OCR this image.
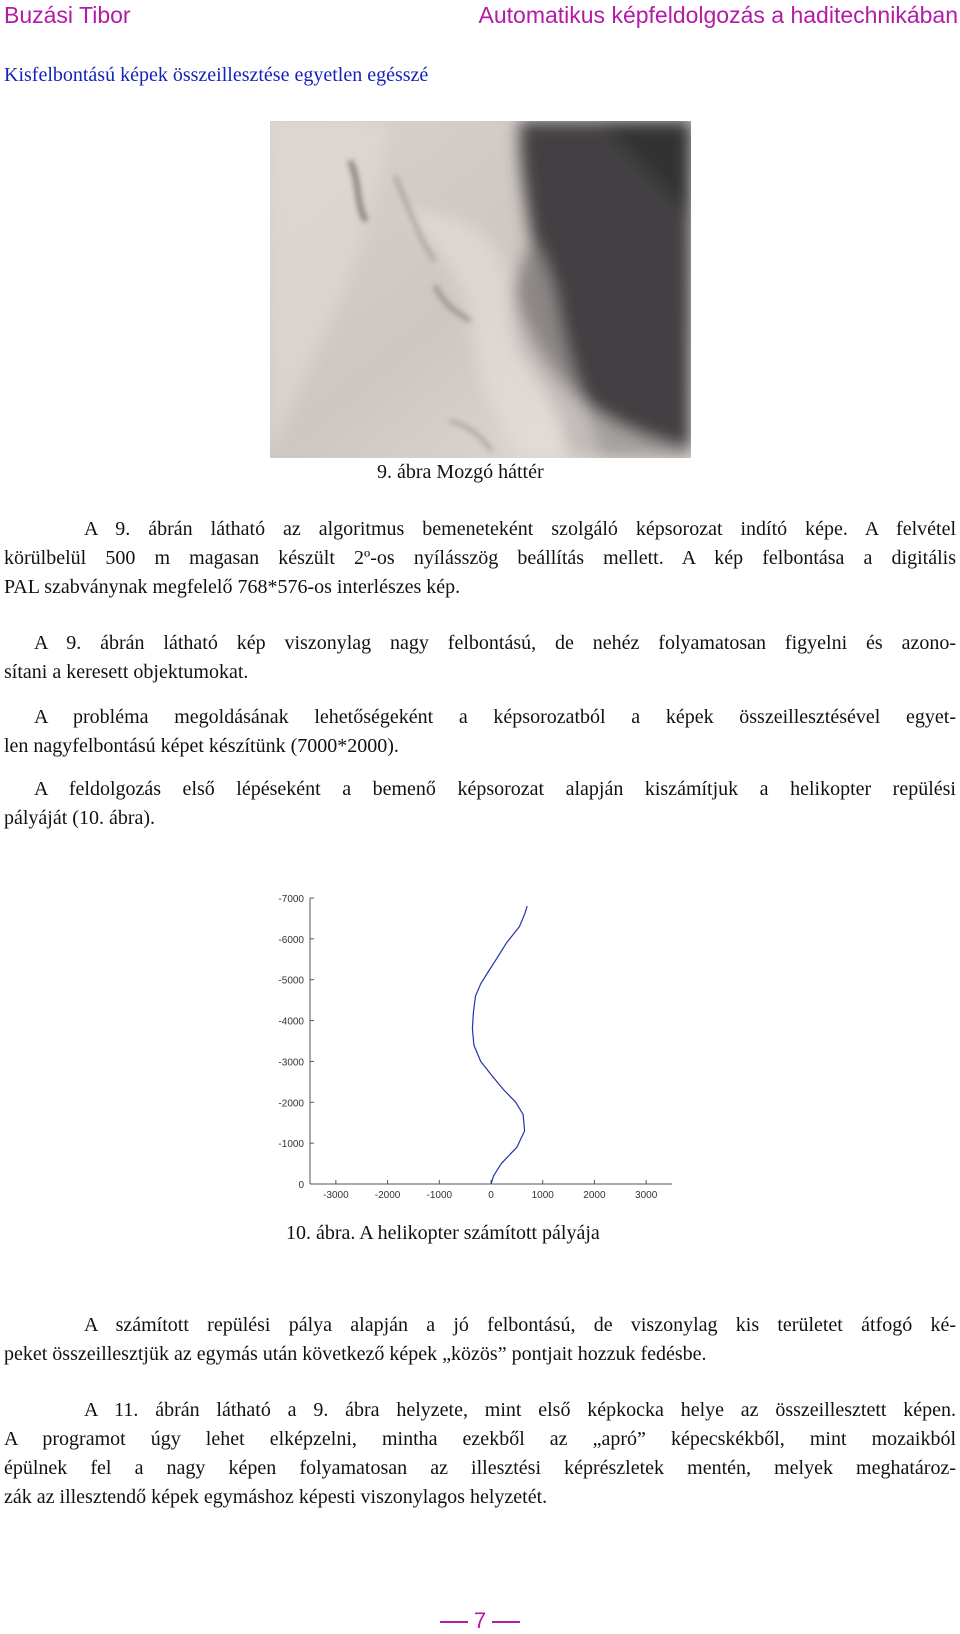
Buzási Tibor	Automatikus képfeldolgozás a haditechnikában
Kisfelbontású képek összeillesztése egyetlen egésszé
9. ábra Mozgó háttér
A 9. ábrán látható az algoritmus bemeneteként szolgáló képsorozat indító képe. A felvétel
körülbelül 500 m magasan készült 2º-os nyílásszög beállítás mellett. A kép felbontása a digitális
PAL szabványnak megfelelő 768*576-os interlészes kép.
A 9. ábrán látható kép viszonylag nagy felbontású, de nehéz folyamatosan figyelni és azono-
sítani a keresett objektumokat.
A probléma megoldásának lehetőségeként a képsorozatból a képek összeillesztésével egyet-
len nagyfelbontású képet készítünk (7000*2000).
A feldolgozás első lépéseként a bemenő képsorozat alapján kiszámítjuk a helikopter repülési
pályáját (10. ábra).
-7000
-6000
-5000
-4000
-3000
-2000
-1000
0
-3000	-2000	-1000	0	1000	2000	3000
10. ábra. A helikopter számított pályája
A számított repülési pálya alapján a jó felbontású, de viszonylag kis területet átfogó ké-
peket összeillesztjük az egymás után következő képek „közös” pontjait hozzuk fedésbe.
A 11. ábrán látható a 9. ábra helyzete, mint első képkocka helye az összeillesztett képen.
A programot úgy lehet elképzelni, mintha ezekből az „apró” képecskékből, mint mozaikból
épülnek fel a nagy képen folyamatosan az illesztési képrészletek mentén, melyek meghatároz-
zák az illesztendő képek egymáshoz képesti viszonylagos helyzetét.
7
